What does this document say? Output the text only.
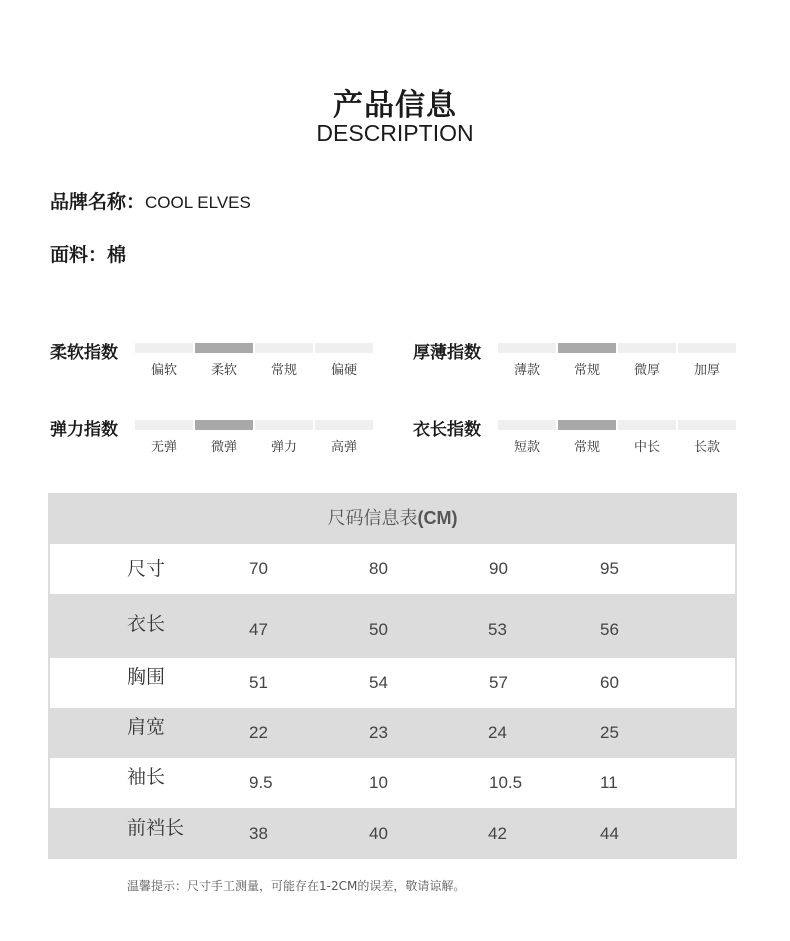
产品信息
DESCRIPTION
品牌名称：COOL ELVES
面料：棉
柔软指数
偏软	柔软	常规	偏硬
厚薄指数
薄款	常规	微厚	加厚
弹力指数
无弹	微弹	弹力	高弹
衣长指数
短款	常规	中长	长款
尺码信息表(CM)
尺寸	70	80	90	95
衣长	47	50	53	56
胸围	51	54	57	60
肩宽	22	23	24	25
袖长	9.5	10	10.5	11
前裆长	38	40	42	44
温馨提示：尺寸手工测量，可能存在1-2CM的误差，敬请谅解。
